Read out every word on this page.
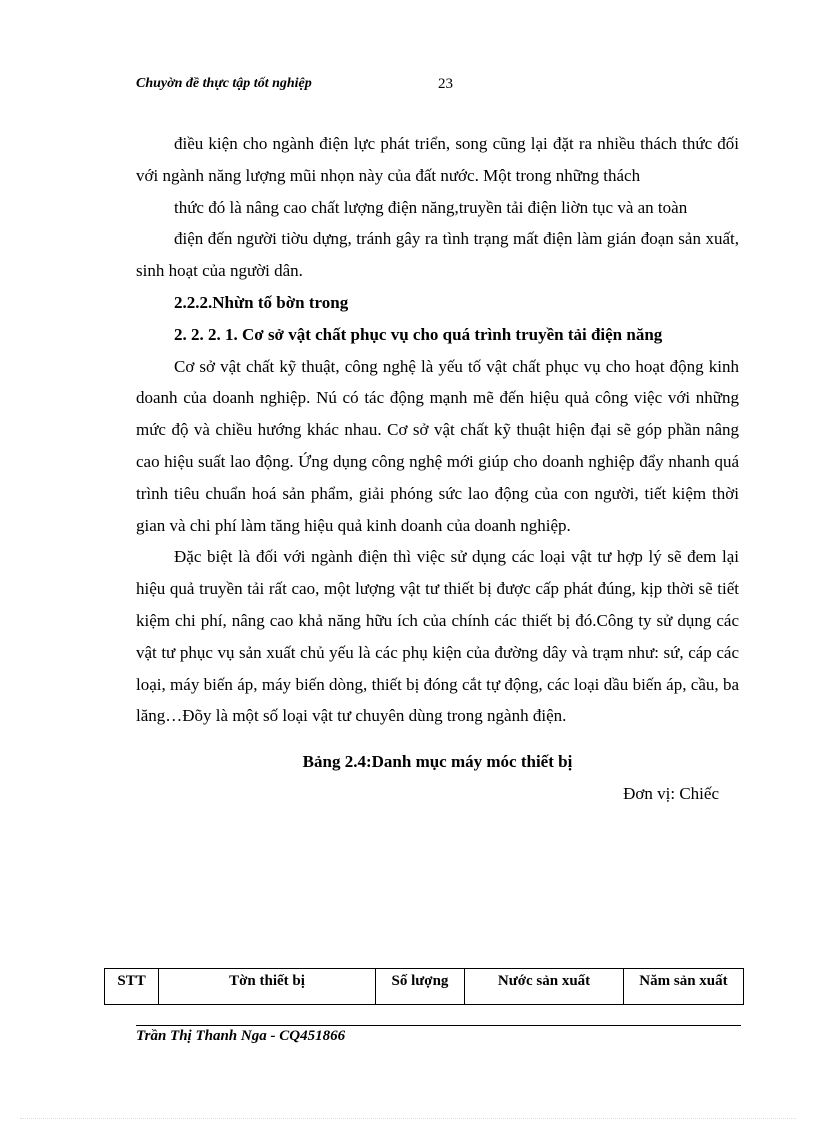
Chuyờn đề thực tập tốt nghiệp	23

điều kiện cho ngành điện lực phát triển, song cũng lại đặt ra nhiều thách thức đối với ngành năng lượng mũi nhọn này của đất nước. Một trong những thách

thức đó là nâng cao chất lượng điện năng,truyền tải điện liờn tục và an toàn

điện đến người tiờu dựng, tránh gây ra tình trạng mất điện làm gián đoạn sản xuất, sinh hoạt của người dân.

2.2.2.Nhừn tố bờn trong

2. 2. 2. 1. Cơ sở vật chất phục vụ cho quá trình truyền tải điện năng

Cơ sở vật chất kỹ thuật, công nghệ là yếu tố vật chất phục vụ cho hoạt động kinh doanh của doanh nghiệp. Nú có tác động mạnh mẽ đến hiệu quả công việc với những mức độ và chiều hướng khác nhau. Cơ sở vật chất kỹ thuật hiện đại sẽ góp phần nâng cao hiệu suất lao động. Ứng dụng công nghệ mới giúp cho doanh nghiệp đẩy nhanh quá trình tiêu chuẩn hoá sản phẩm, giải phóng sức lao động của con người, tiết kiệm thời gian và chi phí làm tăng hiệu quả kinh doanh của doanh nghiệp.

Đặc biệt là đối với ngành điện thì việc sử dụng các loại vật tư hợp lý sẽ đem lại hiệu quả truyền tải rất cao, một lượng vật tư thiết bị được cấp phát đúng, kịp thời sẽ tiết kiệm chi phí, nâng cao khả năng hữu ích của chính các thiết bị đó.Công ty sử dụng các vật tư phục vụ sản xuất chủ yếu là các phụ kiện của đường dây và trạm như: sứ, cáp các loại, máy biến áp, máy biến dòng, thiết bị đóng cắt tự động, các loại dầu biến áp, cầu, ba lăng…Đõy là một số loại vật tư chuyên dùng trong ngành điện.

Bảng 2.4:Danh mục máy móc thiết bị

Đơn vị: Chiếc

STT	Tờn thiết bị	Số lượng	Nước sản xuất	Năm sản xuất
Trần Thị Thanh Nga - CQ451866
